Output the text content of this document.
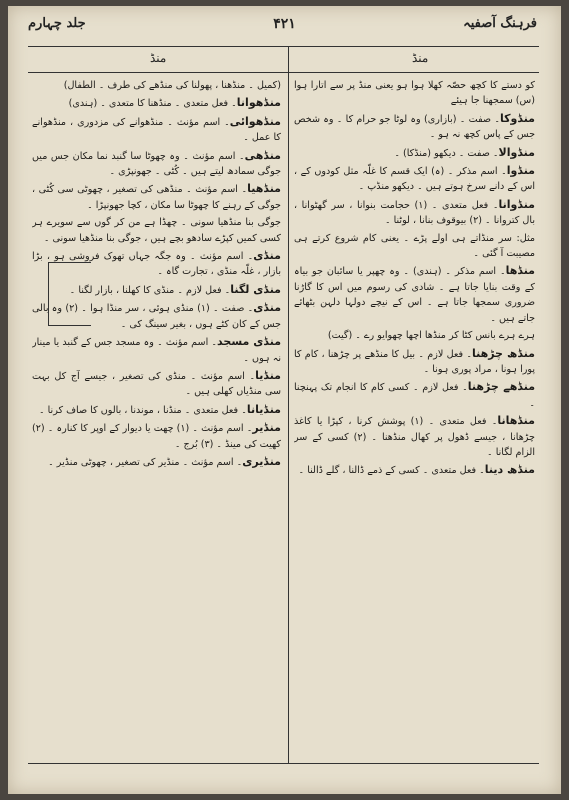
جلد چہارم	۴۲۱	فرہنگ آصفیہ
منڈ
منڈ

کو دستے کا کچھ حصّہ کھلا ہوا ہو یعنی منڈ پر سے اتارا ہوا (س) سمجھنا جا ہیئے

منڈوکا۔ صفت ۔ (بازاری) وہ لوٹا جو حرام کا ۔ وہ شخص جس کے پاس کچھ نہ ہو ۔

منڈوالا۔ صفت ۔ دیکھو (منڈکا) ۔

منڈوا۔ اسم مذکر ۔ (ہ) ایک قسم کا غلّہ مثل کودوں کے ، اس کے دانے سرخ ہوتے ہیں ۔ دیکھو منڈپ ۔

منڈوانا۔ فعل متعدی ۔ (۱) حجامت بنوانا ، سر گھٹوانا ، بال کتروانا ۔ (۲) بیوقوف بنانا ، لوٹنا ۔

مثل: سر منڈاتے ہی اولے پڑے ۔ یعنی کام شروع کرتے ہی مصیبت آ گئی ۔

منڈھا۔ اسم مذکر ۔ (ہندی) ۔ وہ چھپر یا سائبان جو بیاہ کے وقت بنایا جاتا ہے ۔ شادی کی رسوم میں اس کا گاڑنا ضروری سمجھا جاتا ہے ۔ اس کے نیچے دولہا دلہن بٹھائے جاتے ہیں ۔

ہرے ہرے بانس کٹا کر منڈھا اچھا چھوایو رے ۔ (گیت)

منڈھ چڑھنا۔ فعل لازم ۔ بیل کا منڈھے پر چڑھنا ، کام کا پورا ہونا ، مراد پوری ہونا ۔

منڈھے چڑھنا۔ فعل لازم ۔ کسی کام کا انجام تک پہنچنا ۔

منڈھانا۔ فعل متعدی ۔ (۱) پوشش کرنا ، کپڑا یا کاغذ چڑھانا ، جیسے ڈھول پر کھال منڈھنا ۔ (۲) کسی کے سر الزام لگانا ۔

منڈھ دینا۔ فعل متعدی ۔ کسی کے ذمے ڈالنا ، گلے ڈالنا ۔

(کمیل ۔ منڈھنا ، پھولنا کی منڈھے کی طرف ۔ الطفال)

منڈھوانا۔ فعل متعدی ۔ منڈھنا کا متعدی ۔ (ہندی)

منڈھوائی۔ اسم مؤنث ۔ منڈھوانے کی مزدوری ، منڈھوانے کا عمل ۔

منڈھی۔ اسم مؤنث ۔ وہ چھوٹا سا گنبد نما مکان جس میں جوگی سمادھ لیتے ہیں ۔ کُٹی ۔ جھونپڑی ۔

منڈھیا۔ اسم مؤنث ۔ منڈھی کی تصغیر ، چھوٹی سی کُٹی ، جوگی کے رہنے کا چھوٹا سا مکان ، کچا جھونپڑا ۔

جوگی بنا منڈھیا سونی ۔ چھڈا ہے من کر گوں سے سویرے ہر کسی کمیں کپڑے سادھو بچے ہیں ، جوگی بنا منڈھیا سونی ۔

منڈی۔ اسم مؤنث ۔ وہ جگہ جہاں تھوک فروشی ہو ، بڑا بازار ، غلّہ منڈی ، تجارت گاہ ۔

منڈی لگنا۔ فعل لازم ۔ منڈی کا کھلنا ، بازار لگنا ۔

منڈی۔ صفت ۔ (۱) منڈی ہوئی ، سر منڈا ہوا ۔ (۲) وہ بالی جس کے کان کٹے ہوں ، بغیر سینگ کی ۔

منڈی مسجد۔ اسم مؤنث ۔ وہ مسجد جس کے گنبد یا مینار نہ ہوں ۔

منڈیا۔ اسم مؤنث ۔ منڈی کی تصغیر ، جیسے آج کل بہت سی منڈیاں کھلی ہیں ۔

منڈیانا۔ فعل متعدی ۔ منڈنا ، موندنا ، بالوں کا صاف کرنا ۔

منڈیر۔ اسم مؤنث ۔ (۱) چھت یا دیوار کے اوپر کا کنارہ ۔ (۲) کھیت کی مینڈ ۔ (۳) بُرج ۔

منڈیری۔ اسم مؤنث ۔ منڈیر کی تصغیر ، چھوٹی منڈیر ۔
